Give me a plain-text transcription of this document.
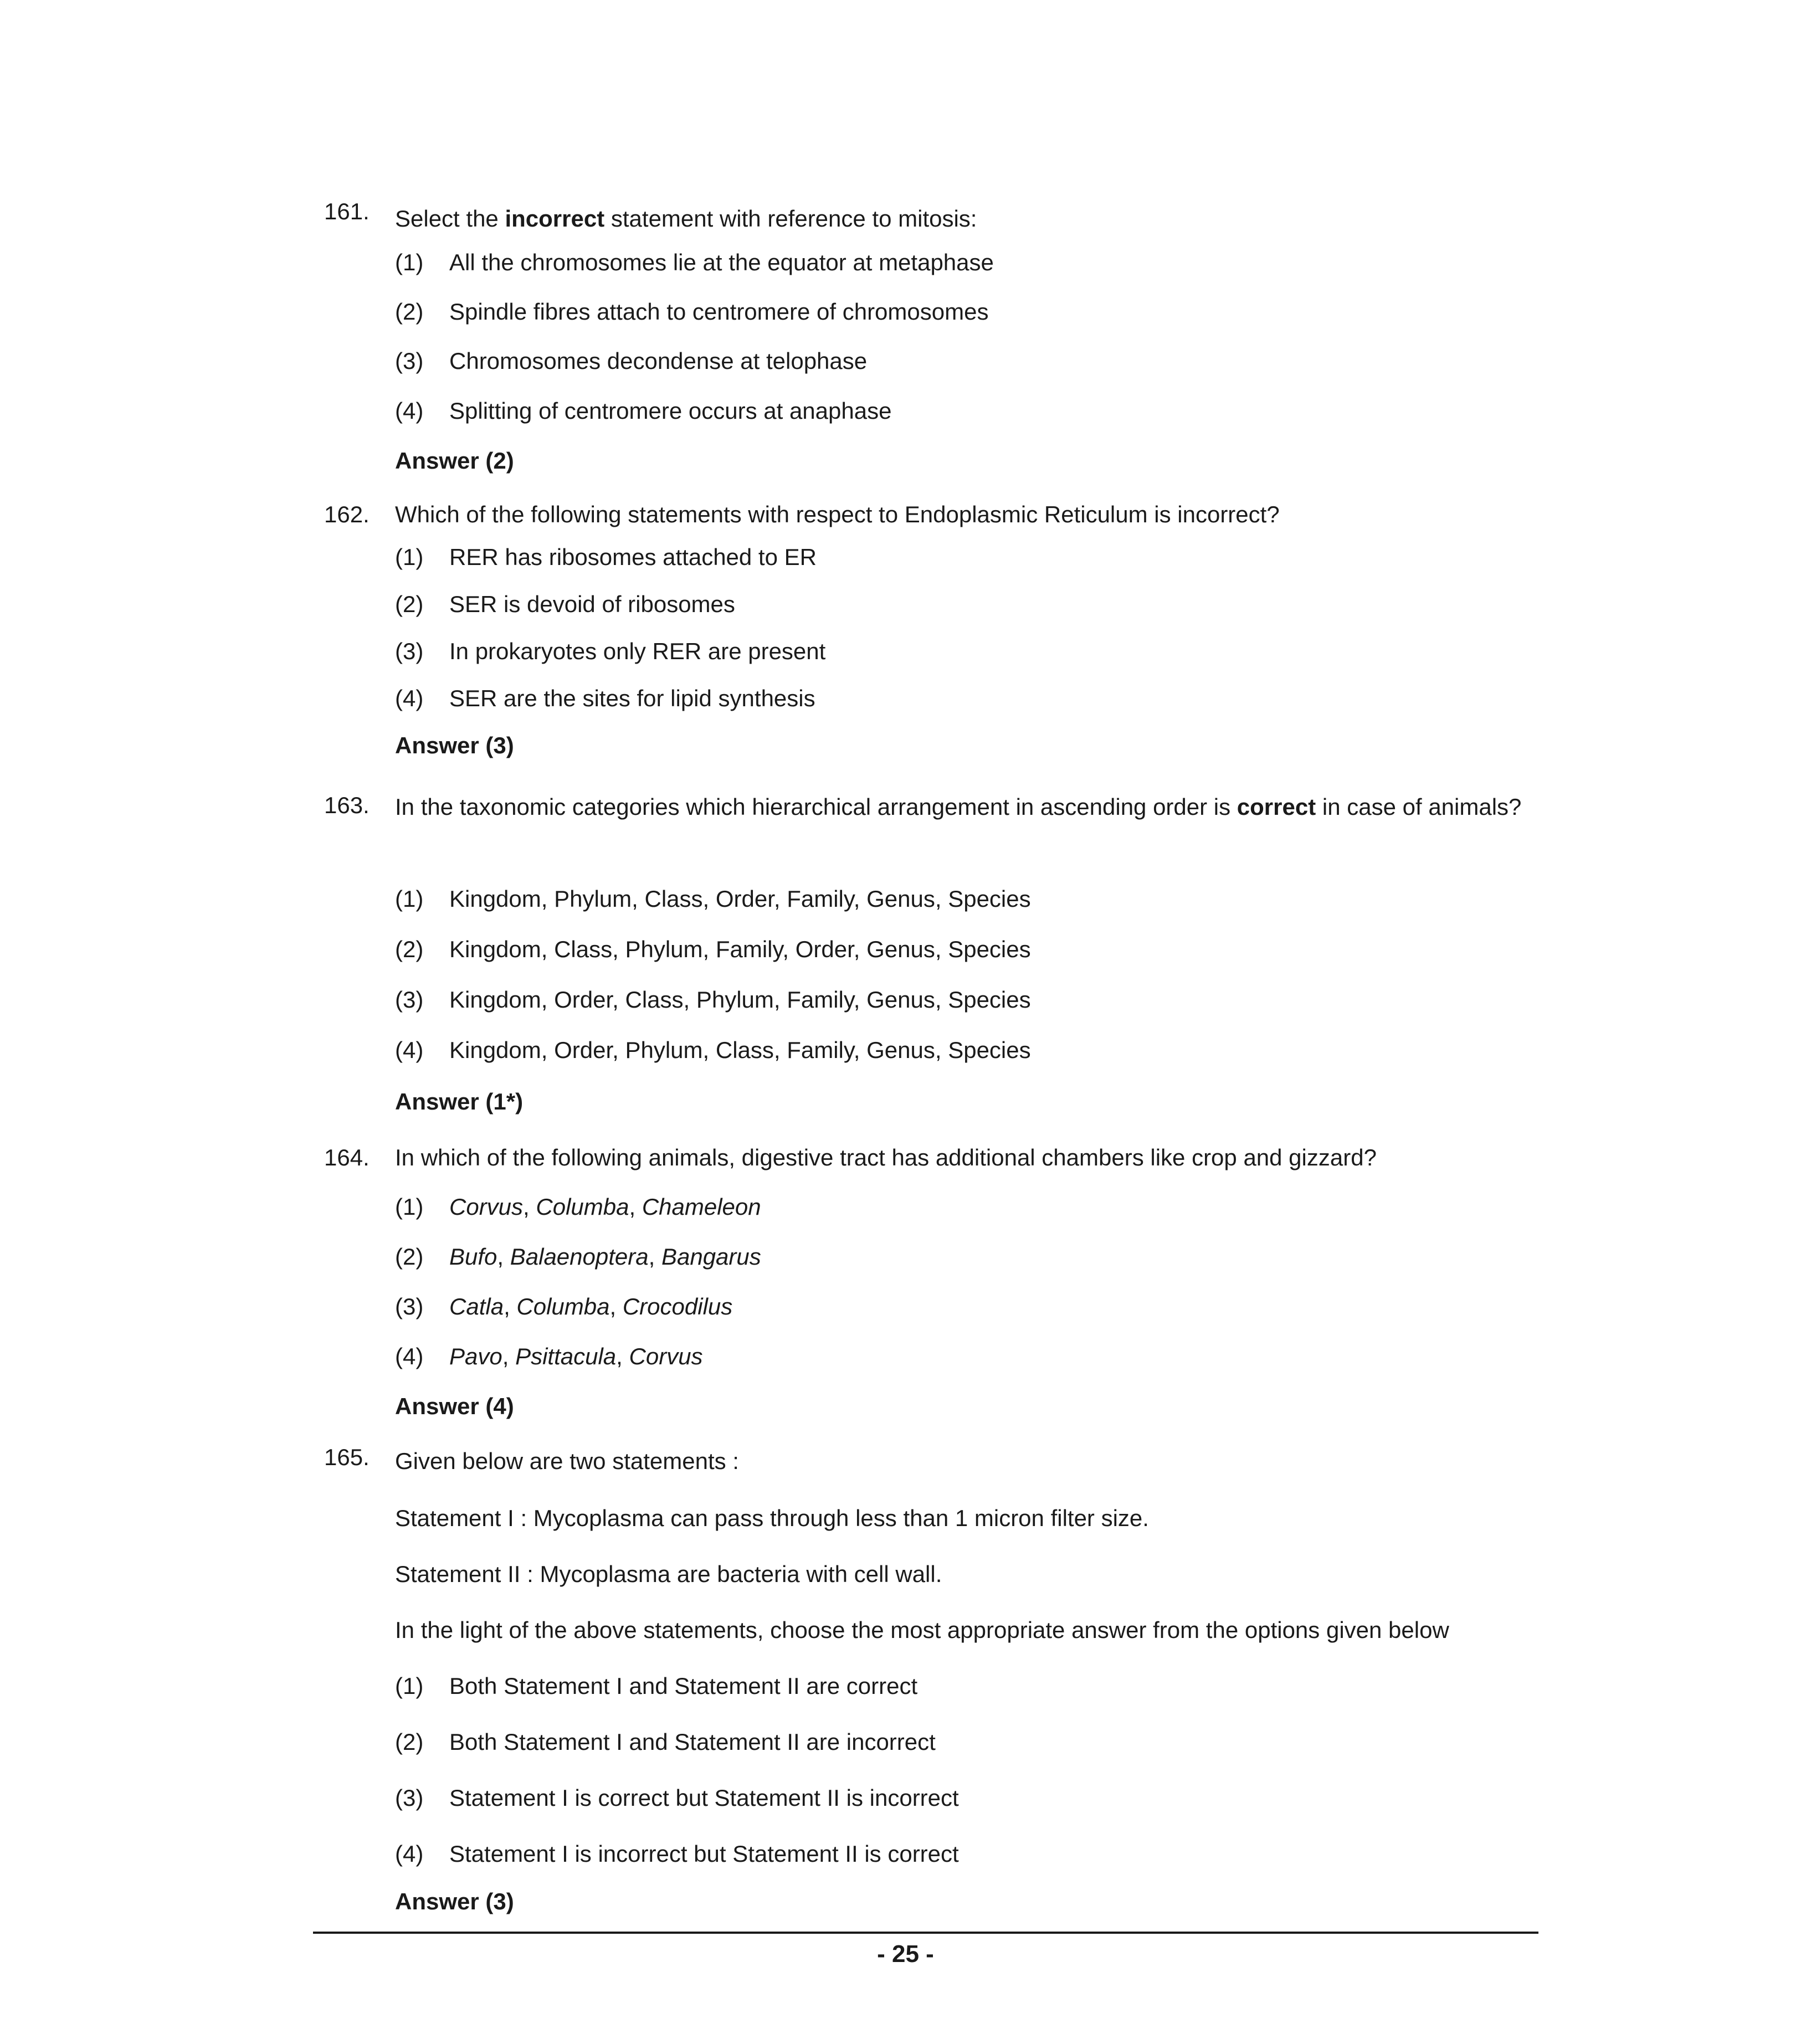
161. Select the incorrect statement with reference to mitosis:
(1) All the chromosomes lie at the equator at metaphase
(2) Spindle fibres attach to centromere of chromosomes
(3) Chromosomes decondense at telophase
(4) Splitting of centromere occurs at anaphase
Answer (2)
162. Which of the following statements with respect to Endoplasmic Reticulum is incorrect?
(1) RER has ribosomes attached to ER
(2) SER is devoid of ribosomes
(3) In prokaryotes only RER are present
(4) SER are the sites for lipid synthesis
Answer (3)
163. In the taxonomic categories which hierarchical arrangement in ascending order is correct in case of animals?
(1) Kingdom, Phylum, Class, Order, Family, Genus, Species
(2) Kingdom, Class, Phylum, Family, Order, Genus, Species
(3) Kingdom, Order, Class, Phylum, Family, Genus, Species
(4) Kingdom, Order, Phylum, Class, Family, Genus, Species
Answer (1*)
164. In which of the following animals, digestive tract has additional chambers like crop and gizzard?
(1) Corvus, Columba, Chameleon
(2) Bufo, Balaenoptera, Bangarus
(3) Catla, Columba, Crocodilus
(4) Pavo, Psittacula, Corvus
Answer (4)
165. Given below are two statements :
Statement I : Mycoplasma can pass through less than 1 micron filter size.
Statement II : Mycoplasma are bacteria with cell wall.
In the light of the above statements, choose the most appropriate answer from the options given below
(1) Both Statement I and Statement II are correct
(2) Both Statement I and Statement II are incorrect
(3) Statement I is correct but Statement II is incorrect
(4) Statement I is incorrect but Statement II is correct
Answer (3)
- 25 -
